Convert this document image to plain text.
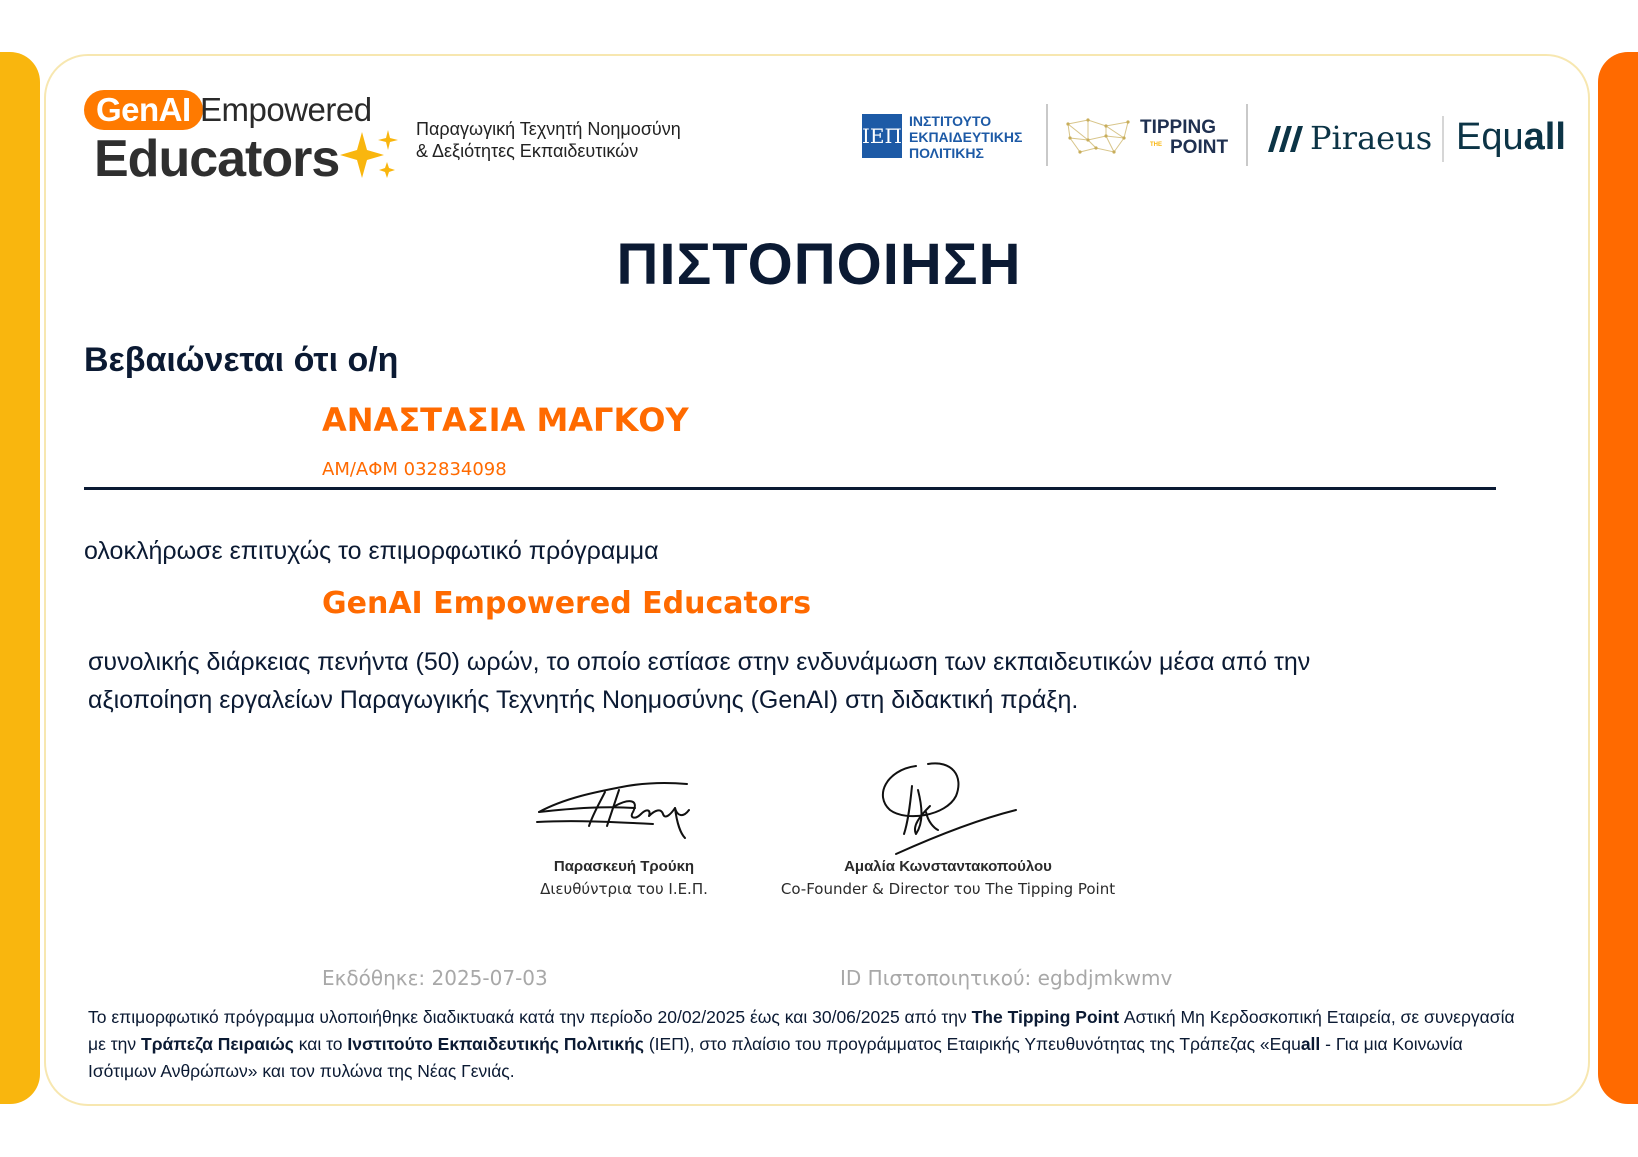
GenAI Empowered
Educators
Παραγωγική Τεχνητή Νοημοσύνη
& Δεξιότητες Εκπαιδευτικών
ΙΕΠ
ΙΝΣΤΙΤΟΥΤΟ
ΕΚΠΑΙΔΕΥΤΙΚΗΣ
ΠΟΛΙΤΙΚΗΣ
TIPPING
POINT
THE	Piraeus Equall
ΠΙΣΤΟΠΟΙΗΣΗ
Βεβαιώνεται ότι ο/η
ΑΝΑΣΤΑΣΙΑ ΜΑΓΚΟΥ
ΑΜ/ΑΦΜ 032834098
ολοκλήρωσε επιτυχώς το επιμορφωτικό πρόγραμμα
GenAI Empowered Educators
συνολικής διάρκειας πενήντα (50) ωρών, το οποίο εστίασε στην ενδυνάμωση των εκπαιδευτικών μέσα από την
αξιοποίηση εργαλείων Παραγωγικής Τεχνητής Νοημοσύνης (GenAI) στη διδακτική πράξη.
Παρασκευή Τρούκη
Διευθύντρια του Ι.Ε.Π.
Αμαλία Κωνσταντακοπούλου
Co-Founder & Director του The Tipping Point
Εκδόθηκε: 2025-07-03	ID Πιστοποιητικού: egbdjmkwmv
Το επιμορφωτικό πρόγραμμα υλοποιήθηκε διαδικτυακά κατά την περίοδο 20/02/2025 έως και 30/06/2025 από την The Tipping Point Αστική Μη Κερδοσκοπική Εταιρεία, σε συνεργασία με την Τράπεζα Πειραιώς και το Ινστιτούτο Εκπαιδευτικής Πολιτικής (ΙΕΠ), στο πλαίσιο του προγράμματος Εταιρικής Υπευθυνότητας της Τράπεζας «Equall - Για μια Κοινωνία Ισότιμων Ανθρώπων» και τον πυλώνα της Νέας Γενιάς.
